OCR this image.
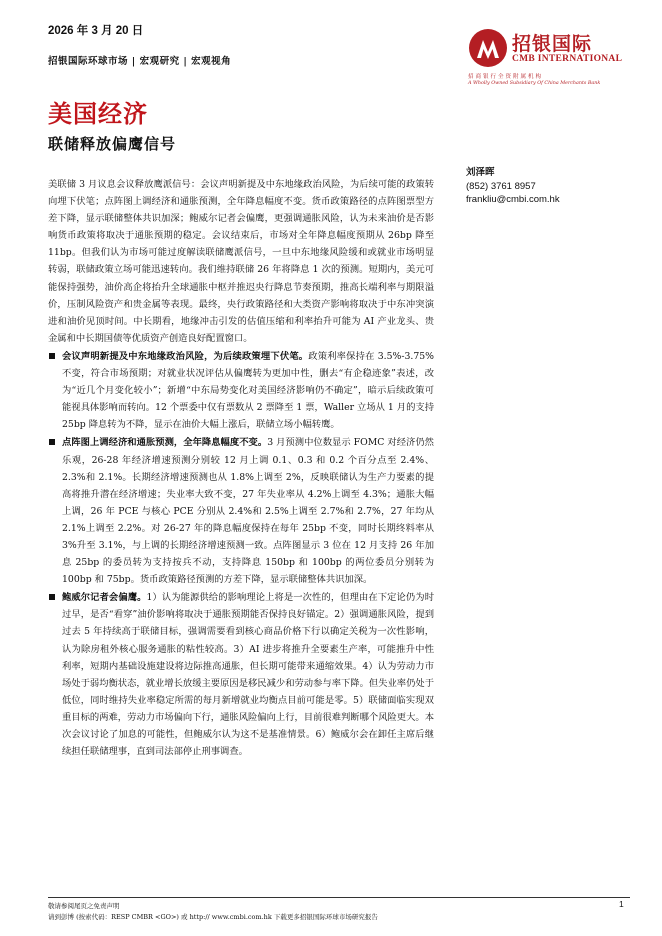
2026 年 3 月 20 日
招银国际环球市场 | 宏观研究 | 宏观视角
招银国际
CMB INTERNATIONAL
招商银行全资附属机构
A Wholly Owned Subsidiary Of China Merchants Bank
美国经济
联储释放偏鹰信号
刘泽晖
(852) 3761 8957
frankliu@cmbi.com.hk

美联储 3 月议息会议释放鹰派信号：会议声明新提及中东地缘政治风险，为后续可能的政策转向埋下伏笔；点阵图上调经济和通胀预测，全年降息幅度不变。货币政策路径的点阵图票型方差下降，显示联储整体共识加深；鲍威尔记者会偏鹰，更强调通胀风险，认为未来油价是否影响货币政策将取决于通胀预期的稳定。会议结束后，市场对全年降息幅度预期从 26bp 降至 11bp。但我们认为市场可能过度解读联储鹰派信号，一旦中东地缘风险缓和或就业市场明显转弱，联储政策立场可能迅速转向。我们维持联储 26 年将降息 1 次的预测。短期内，美元可能保持强势，油价高企将抬升全球通胀中枢并推迟央行降息节奏预期，推高长端利率与期限溢价，压制风险资产和贵金属等表现。最终，央行政策路径和大类资产影响将取决于中东冲突演进和油价见顶时间。中长期看，地缘冲击引发的估值压缩和利率抬升可能为 AI 产业龙头、贵金属和中长期国债等优质资产创造良好配置窗口。

会议声明新提及中东地缘政治风险，为后续政策埋下伏笔。政策利率保持在 3.5%-3.75% 不变，符合市场预期；对就业状况评估从偏鹰转为更加中性，删去“有企稳迹象”表述，改为“近几个月变化较小”；新增“中东局势变化对美国经济影响仍不确定”，暗示后续政策可能视具体影响而转向。12 个票委中仅有票数从 2 票降至 1 票，Waller 立场从 1 月的支持 25bp 降息转为不降，显示在油价大幅上涨后，联储立场小幅转鹰。
点阵图上调经济和通胀预测，全年降息幅度不变。3 月预测中位数显示 FOMC 对经济仍然乐观，26-28 年经济增速预测分别较 12 月上调 0.1、0.3 和 0.2 个百分点至 2.4%、2.3%和 2.1%。长期经济增速预测也从 1.8%上调至 2%，反映联储认为生产力要素的提高将推升潜在经济增速；失业率大致不变，27 年失业率从 4.2%上调至 4.3%；通胀大幅上调，26 年 PCE 与核心 PCE 分别从 2.4%和 2.5%上调至 2.7%和 2.7%，27 年均从 2.1%上调至 2.2%。对 26-27 年的降息幅度保持在每年 25bp 不变，同时长期终料率从 3%升至 3.1%，与上调的长期经济增速预测一致。点阵图显示 3 位在 12 月支持 26 年加息 25bp 的委员转为支持按兵不动，支持降息 150bp 和 100bp 的两位委员分别转为 100bp 和 75bp。货币政策路径预测的方差下降，显示联储整体共识加深。
鲍威尔记者会偏鹰。1）认为能源供给的影响理论上将是一次性的，但理由在下定论仍为时过早，是否“看穿”油价影响将取决于通胀预期能否保持良好锚定。2）强调通胀风险，提到过去 5 年持续高于联储目标，强调需要看到核心商品价格下行以确定关税为一次性影响，认为除房租外核心服务通胀的粘性较高。3）AI 进步将推升全要素生产率，可能推升中性利率，短期内基础设施建设将边际推高通胀，但长期可能带来通缩效果。4）认为劳动力市场处于弱均衡状态，就业增长放缓主要原因是移民减少和劳动参与率下降。但失业率仍处于低位，同时维持失业率稳定所需的每月新增就业均衡点目前可能是零。5）联储面临实现双重目标的两难，劳动力市场偏向下行，通胀风险偏向上行，目前很难判断哪个风险更大。本次会议讨论了加息的可能性，但鲍威尔认为这不是基准情景。6）鲍威尔会在卸任主席后继续担任联储理事，直到司法部停止刑事调查。
敬请参阅尾页之免责声明
请到彭博 (按索代码：RESP CMBR <GO>) 或 http:// www.cmbi.com.hk 下载更多招银国际环球市场研究报告
1
